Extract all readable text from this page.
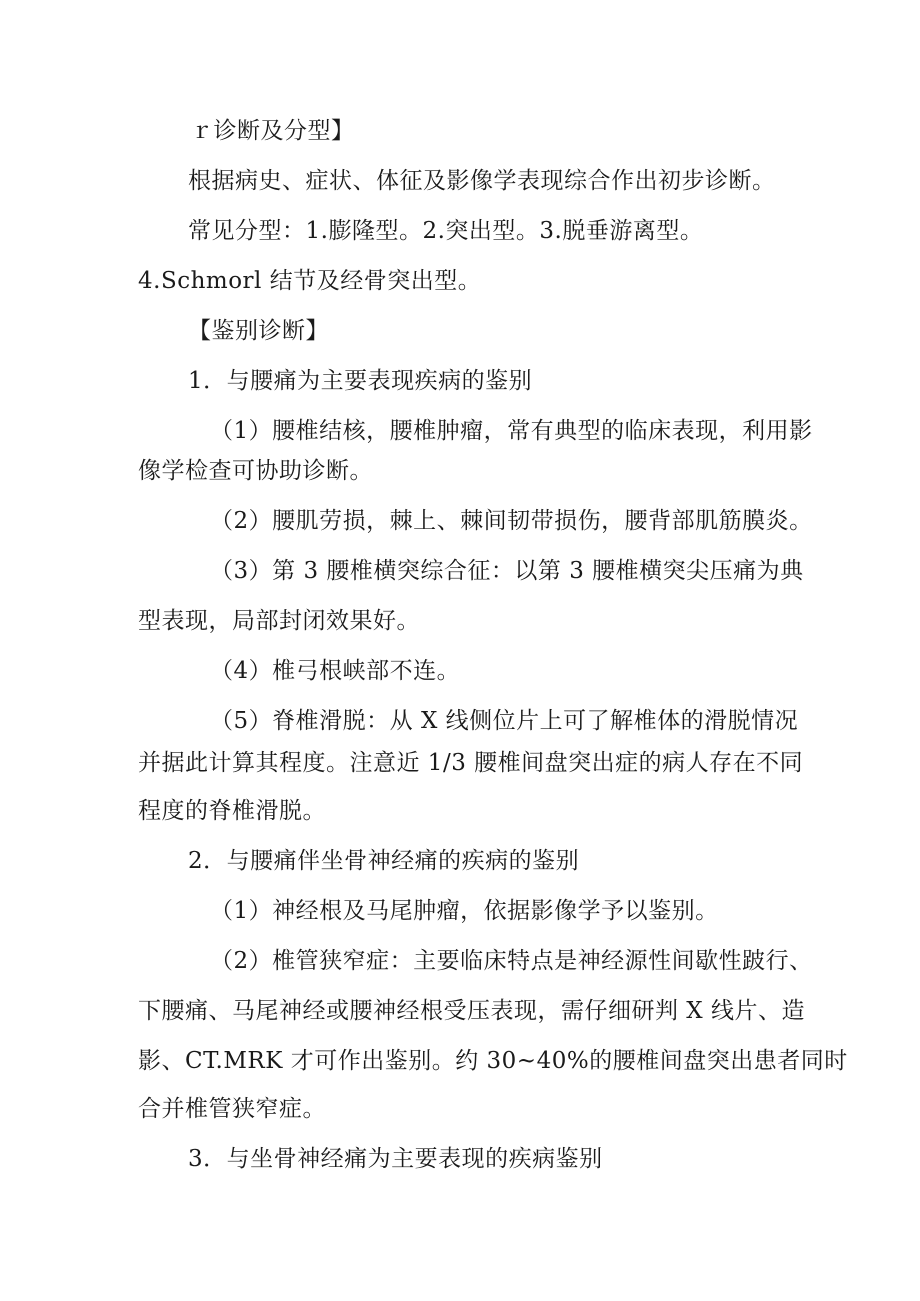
ｒ诊断及分型】
根据病史、症状、体征及影像学表现综合作出初步诊断。
常见分型：1.膨隆型。2.突出型。3.脱垂游离型。
4.Schmorl 结节及经骨突出型。
【鉴别诊断】
1．与腰痛为主要表现疾病的鉴别
（1）腰椎结核，腰椎肿瘤，常有典型的临床表现，利用影
像学检查可协助诊断。
（2）腰肌劳损，棘上、棘间韧带损伤，腰背部肌筋膜炎。
（3）第 3 腰椎横突综合征：以第 3 腰椎横突尖压痛为典
型表现，局部封闭效果好。
（4）椎弓根峡部不连。
（5）脊椎滑脱：从 X 线侧位片上可了解椎体的滑脱情况
并据此计算其程度。注意近 1/3 腰椎间盘突出症的病人存在不同
程度的脊椎滑脱。
2．与腰痛伴坐骨神经痛的疾病的鉴别
（1）神经根及马尾肿瘤，依据影像学予以鉴别。
（2）椎管狭窄症：主要临床特点是神经源性间歇性跛行、
下腰痛、马尾神经或腰神经根受压表现，需仔细研判 X 线片、造
影、CT.MRK 才可作出鉴别。约 30~40%的腰椎间盘突出患者同时
合并椎管狭窄症。
3．与坐骨神经痛为主要表现的疾病鉴别
